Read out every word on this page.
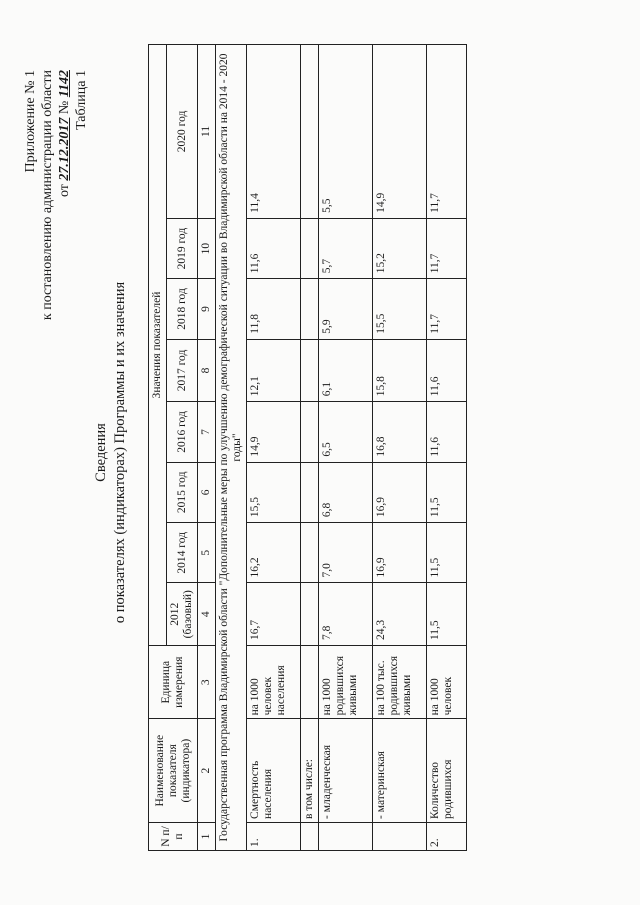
Приложение № 1 к постановлению администрации области от 27.12.2017 № 1142 Таблица 1
Сведения о показателях (индикаторах) Программы и их значения
N п/п	Наименование показателя (индикатора)	Единица измерения	Значения показателей							
			2012 (базовый)	2014 год	2015 год	2016 год	2017 год	2018 год	2019 год	2020 год
1	2	3	4	5	6	7	8	9	10	11
Государственная программа Владимирской области "Дополнительные меры по улучшению демографической ситуации во Владимирской области на 2014 - 2020 годы"										
1.	Смертность населения	на 1000 человек населения	16,7	16,2	15,5	14,9	12,1	11,8	11,6	11,4
	в том числе:									
	- младенческая	на 1000 родившихся живыми	7,8	7,0	6,8	6,5	6,1	5,9	5,7	5,5
	- материнская	на 100 тыс. родившихся живыми	24,3	16,9	16,9	16,8	15,8	15,5	15,2	14,9
2.	Количество родившихся	на 1000 человек	11,5	11,5	11,5	11,6	11,6	11,7	11,7	11,7
